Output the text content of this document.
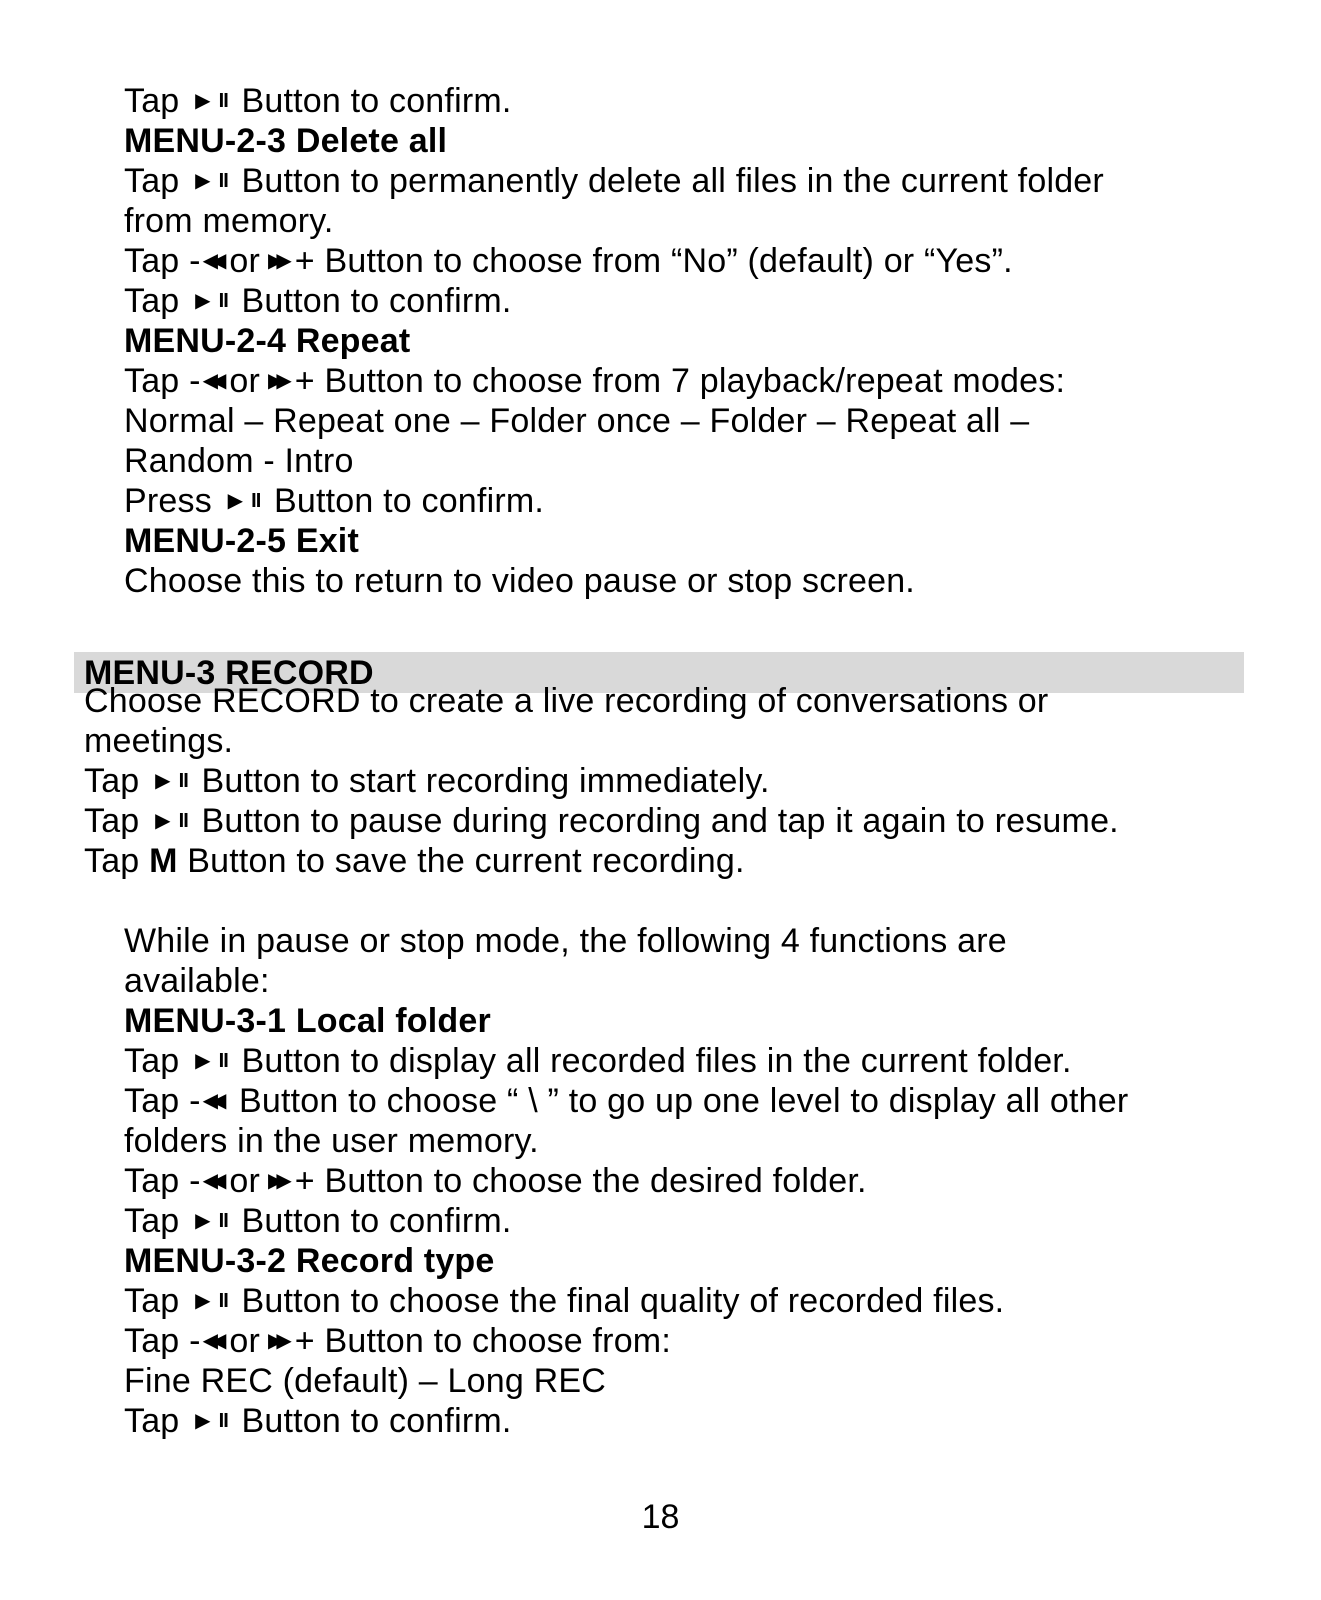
Tap ▶ II Button to confirm.
MENU-2-3 Delete all
Tap ▶ II Button to permanently delete all files in the current folder
from memory.
Tap - ◀◀ or ▶▶ + Button to choose from “No” (default) or “Yes”.
Tap ▶ II Button to confirm.
MENU-2-4 Repeat
Tap - ◀◀ or ▶▶ + Button to choose from 7 playback/repeat modes:
Normal – Repeat one – Folder once – Folder – Repeat all –
Random - Intro
Press ▶ II Button to confirm.
MENU-2-5 Exit
Choose this to return to video pause or stop screen.
MENU-3 RECORD
Choose RECORD to create a live recording of conversations or
meetings.
Tap ▶ II Button to start recording immediately.
Tap ▶ II Button to pause during recording and tap it again to resume.
Tap M Button to save the current recording.
While in pause or stop mode, the following 4 functions are
available:
MENU-3-1 Local folder
Tap ▶ II Button to display all recorded files in the current folder.
Tap - ◀◀ Button to choose “ \ ” to go up one level to display all other
folders in the user memory.
Tap - ◀◀ or ▶▶ + Button to choose the desired folder.
Tap ▶ II Button to confirm.
MENU-3-2 Record type
Tap ▶ II Button to choose the final quality of recorded files.
Tap - ◀◀ or ▶▶ + Button to choose from:
Fine REC (default) – Long REC
Tap ▶ II Button to confirm.
18
